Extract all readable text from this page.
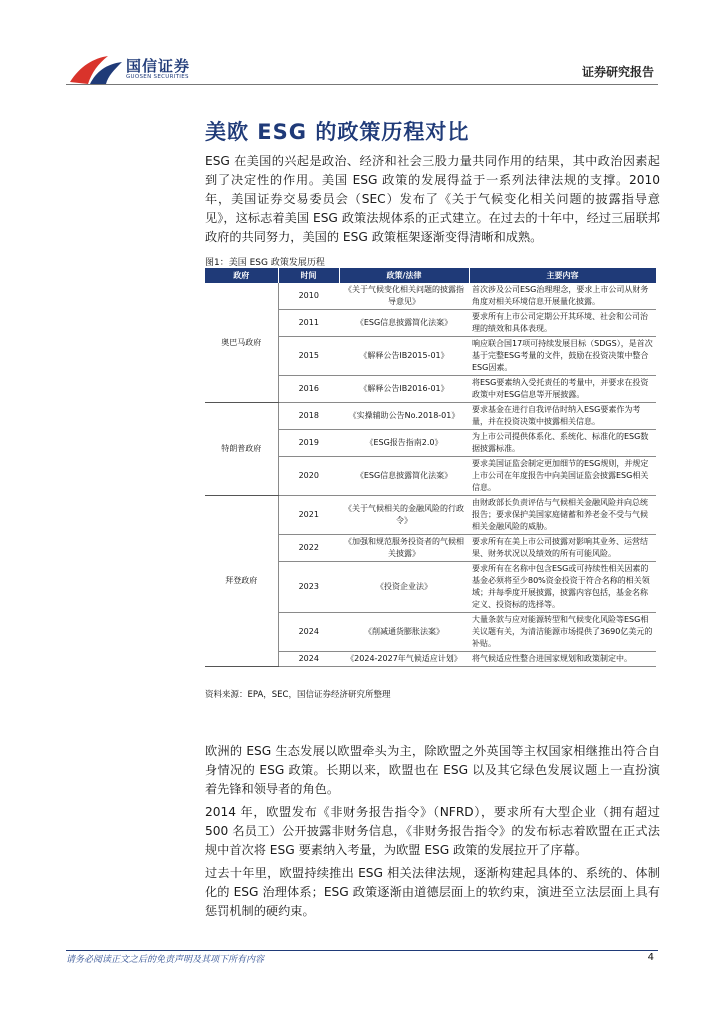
国信证券
GUOSEN SECURITIES	证券研究报告
美欧 ESG 的政策历程对比
ESG 在美国的兴起是政治、经济和社会三股力量共同作用的结果，其中政治因素起到了决定性的作用。美国 ESG 政策的发展得益于一系列法律法规的支撑。2010 年，美国证券交易委员会（SEC）发布了《关于气候变化相关问题的披露指导意见》，这标志着美国 ESG 政策法规体系的正式建立。在过去的十年中，经过三届联邦政府的共同努力，美国的 ESG 政策框架逐渐变得清晰和成熟。
图1：美国 ESG 政策发展历程
政府	时间	政策/法律	主要内容
奥巴马政府	2010	《关于气候变化相关问题的披露指导意见》	首次涉及公司ESG治理理念，要求上市公司从财务角度对相关环境信息开展量化披露。
	2011	《ESG信息披露简化法案》	要求所有上市公司定期公开其环境、社会和公司治理的绩效和具体表现。
	2015	《解释公告IB2015-01》	响应联合国17项可持续发展目标（SDGS），是首次基于完整ESG考量的文件，鼓励在投资决策中整合ESG因素。
	2016	《解释公告IB2016-01》	将ESG要素纳入受托责任的考量中，并要求在投资政策中对ESG信息等开展披露。
特朗普政府	2018	《实操辅助公告No.2018-01》	要求基金在进行自我评估时纳入ESG要素作为考量，并在投资决策中披露相关信息。
	2019	《ESG报告指南2.0》	为上市公司提供体系化、系统化、标准化的ESG数据披露标准。
	2020	《ESG信息披露简化法案》	要求美国证监会制定更加细节的ESG规则，并规定上市公司在年度报告中向美国证监会披露ESG相关信息。
拜登政府	2021	《关于气候相关的金融风险的行政令》	由财政部长负责评估与气候相关金融风险并向总统报告；要求保护美国家庭储蓄和养老金不受与气候相关金融风险的威胁。
	2022	《加强和规范服务投资者的气候相关披露》	要求所有在美上市公司披露对影响其业务、运营结果、财务状况以及绩效的所有可能风险。
	2023	《投资企业法》	要求所有在名称中包含ESG或可持续性相关因素的基金必须将至少80%资金投资于符合名称的相关领域；并每季度开展披露，披露内容包括，基金名称定义、投资标的选择等。
	2024	《削减通货膨胀法案》	大量条款与应对能源转型和气候变化风险等ESG相关议题有关，为清洁能源市场提供了3690亿美元的补贴。
	2024	《2024-2027年气候适应计划》	将气候适应性整合进国家规划和政策制定中。
资料来源：EPA，SEC，国信证券经济研究所整理
欧洲的 ESG 生态发展以欧盟牵头为主，除欧盟之外英国等主权国家相继推出符合自身情况的 ESG 政策。长期以来，欧盟也在 ESG 以及其它绿色发展议题上一直扮演着先锋和领导者的角色。
2014 年，欧盟发布《非财务报告指令》（NFRD），要求所有大型企业（拥有超过 500 名员工）公开披露非财务信息，《非财务报告指令》的发布标志着欧盟在正式法规中首次将 ESG 要素纳入考量，为欧盟 ESG 政策的发展拉开了序幕。
过去十年里，欧盟持续推出 ESG 相关法律法规，逐渐构建起具体的、系统的、体制化的 ESG 治理体系；ESG 政策逐渐由道德层面上的软约束，演进至立法层面上具有惩罚机制的硬约束。
请务必阅读正文之后的免责声明及其项下所有内容	4
